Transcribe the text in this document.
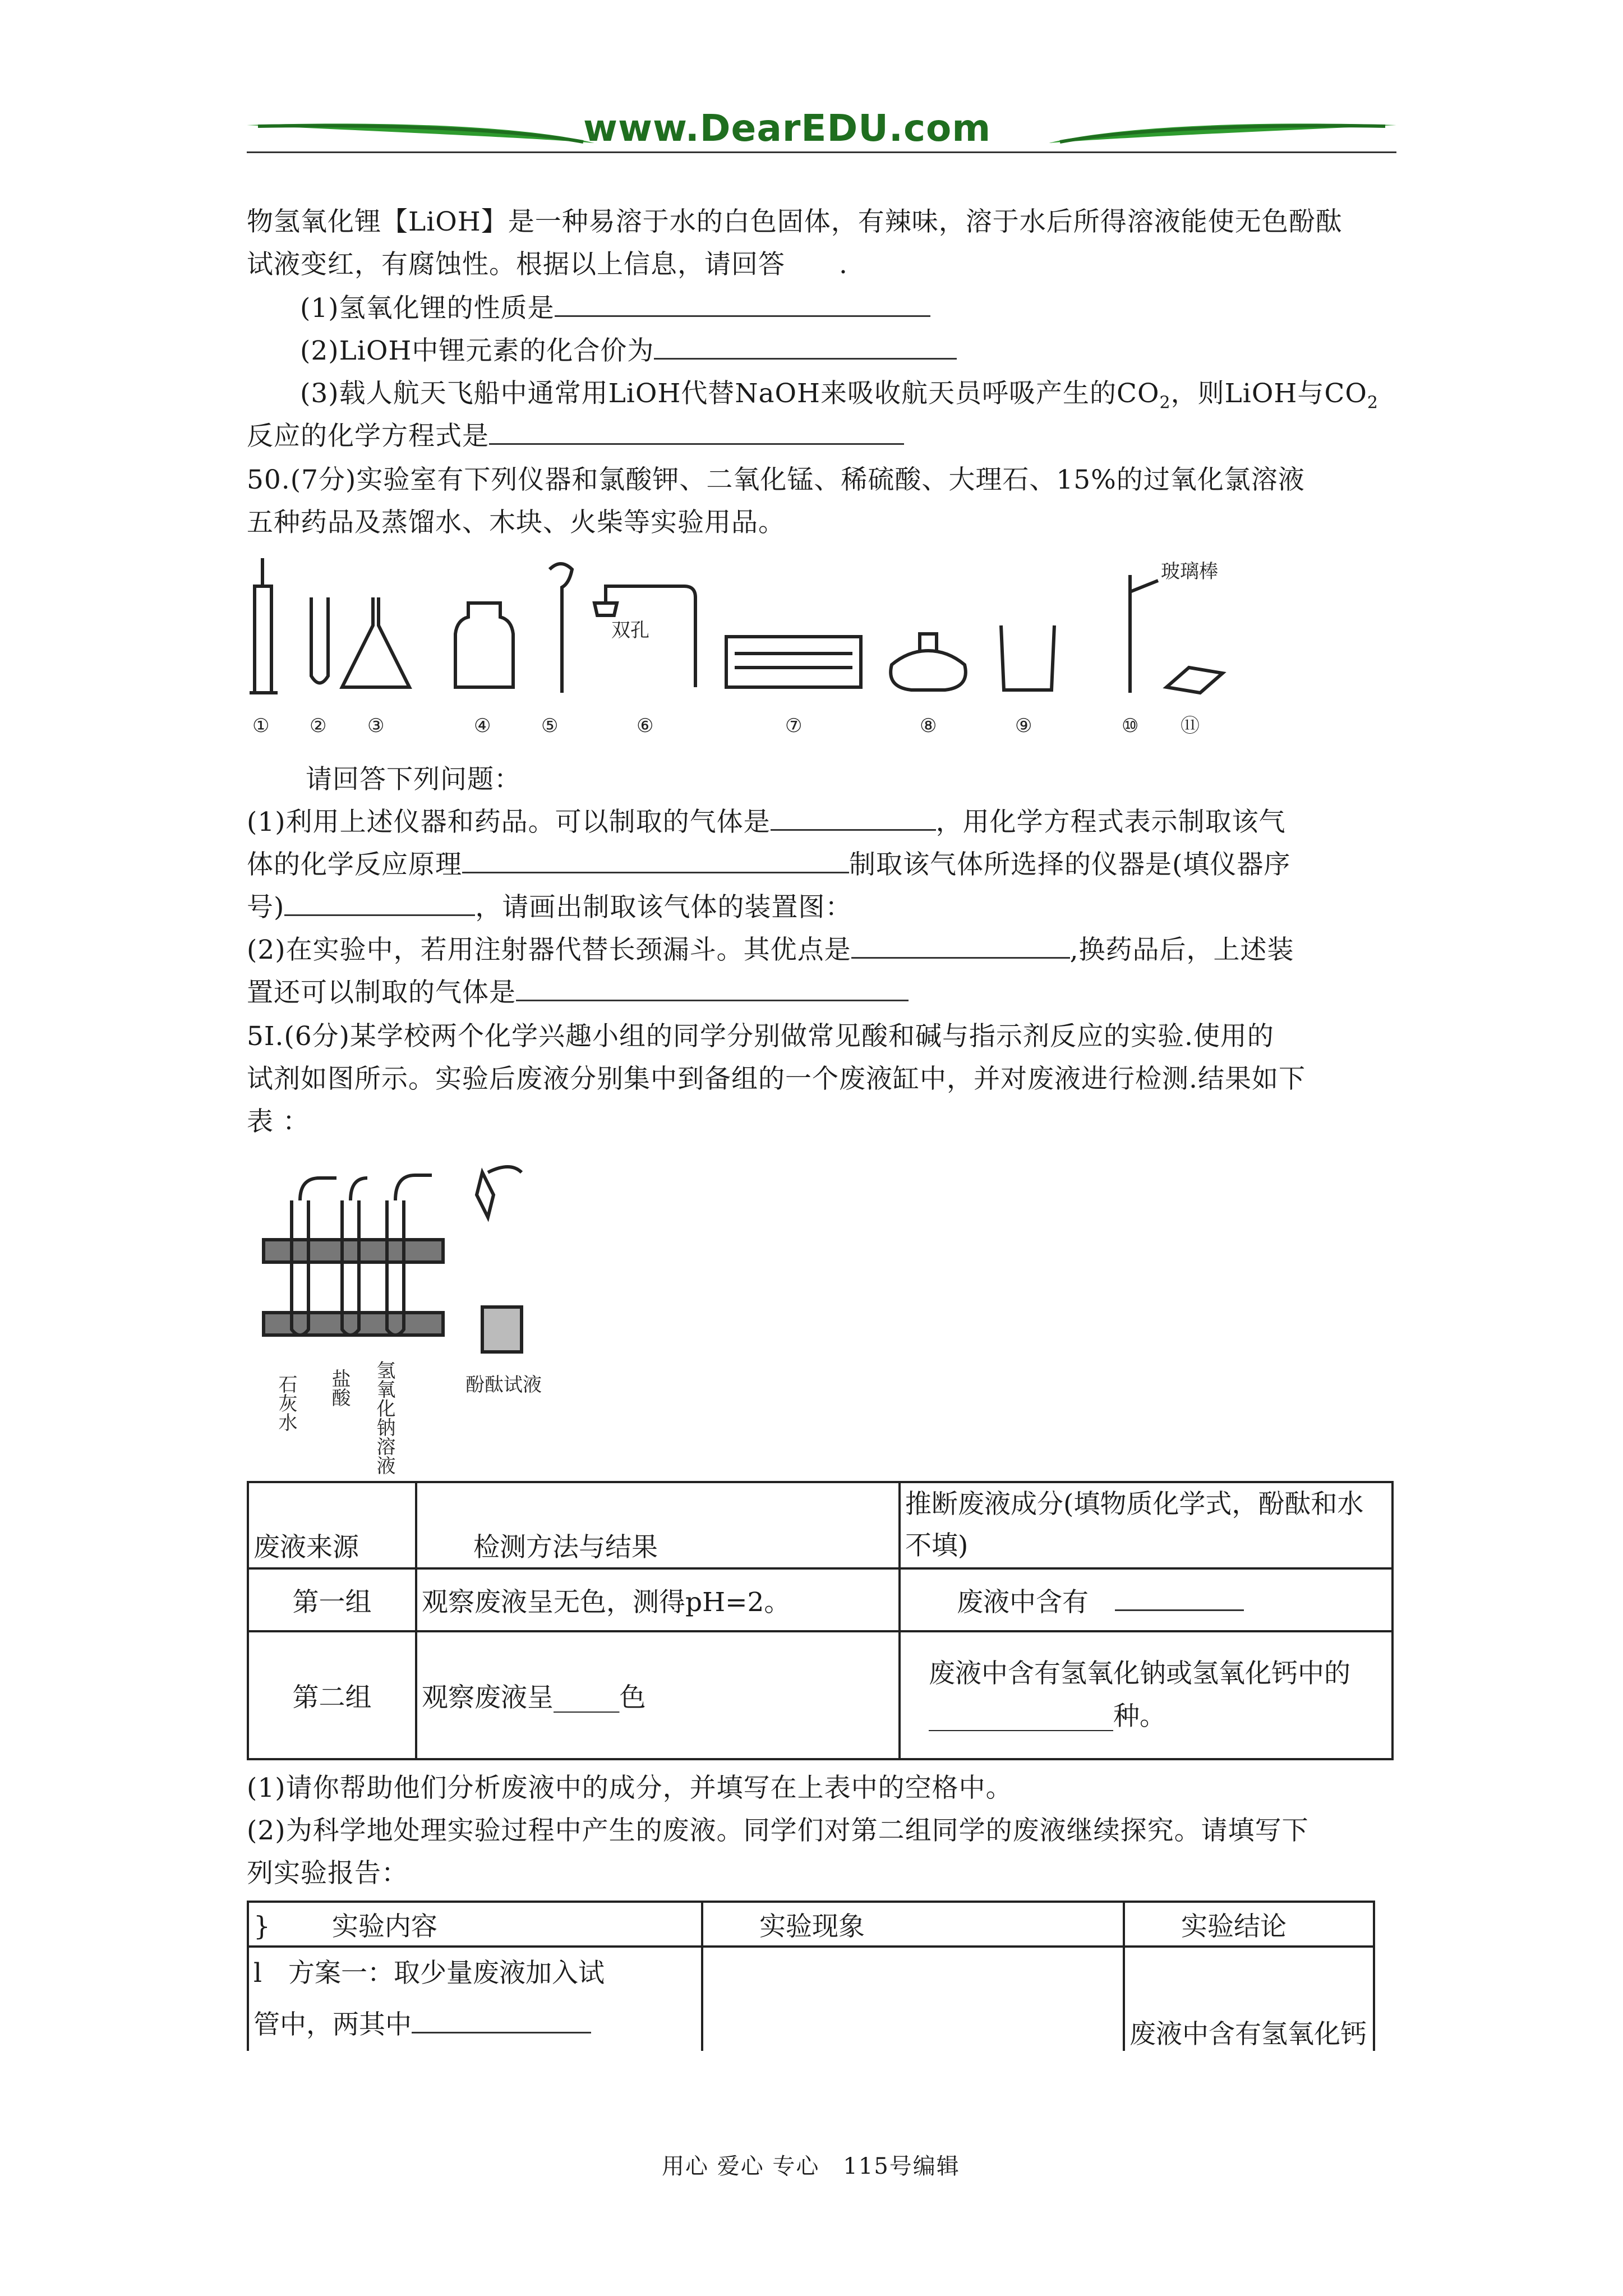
www.DearEDU.com
物氢氧化锂【LiOH】是一种易溶于水的白色固体，有辣味，溶于水后所得溶液能使无色酚酞
试液变红，有腐蚀性。根据以上信息，请回答　　.
(1)氢氧化锂的性质是
(2)LiOH中锂元素的化合价为
(3)载人航天飞船中通常用LiOH代替NaOH来吸收航天员呼吸产生的$CO_2$，则LiOH与$CO_2$
反应的化学方程式是
50.(7分)实验室有下列仪器和氯酸钾、二氧化锰、稀硫酸、大理石、15%的过氧化氯溶液
五种药品及蒸馏水、木块、火柴等实验用品。
双孔
玻璃棒
① ② ③	④	⑤	⑥	⑦	⑧	⑨	⑩ ⑪
请回答下列问题：
(1)利用上述仪器和药品。可以制取的气体是	，用化学方程式表示制取该气
体的化学反应原理	制取该气体所选择的仪器是(填仪器序
号)	，请画出制取该气体的装置图：
(2)在实验中，若用注射器代替长颈漏斗。其优点是	,换药品后，上述装
置还可以制取的气体是
5I.(6分)某学校两个化学兴趣小组的同学分别做常见酸和碱与指示剂反应的实验.使用的
试剂如图所示。实验后废液分别集中到备组的一个废液缸中，并对废液进行检测.结果如下
表 ：
石灰水 盐酸 氢氧化钠溶液	酚酞试液
废液来源	检测方法与结果	推断废液成分(填物质化学式，酚酞和水不填)
第一组	观察废液呈无色，测得pH=2。	废液中含有　
第二组	观察废液呈_____色	废液中含有氢氧化钠或氢氧化钙中的______________种。
(1)请你帮助他们分析废液中的成分，并填写在上表中的空格中。
(2)为科学地处理实验过程中产生的废液。同学们对第二组同学的废液继续探究。请填写下
列实验报告：
} 实验内容	实验现象	实验结论
l　 方案一：取少量废液加入试
管中，两其中		废液中含有氢氧化钙
用心 爱心 专心　115号编辑
